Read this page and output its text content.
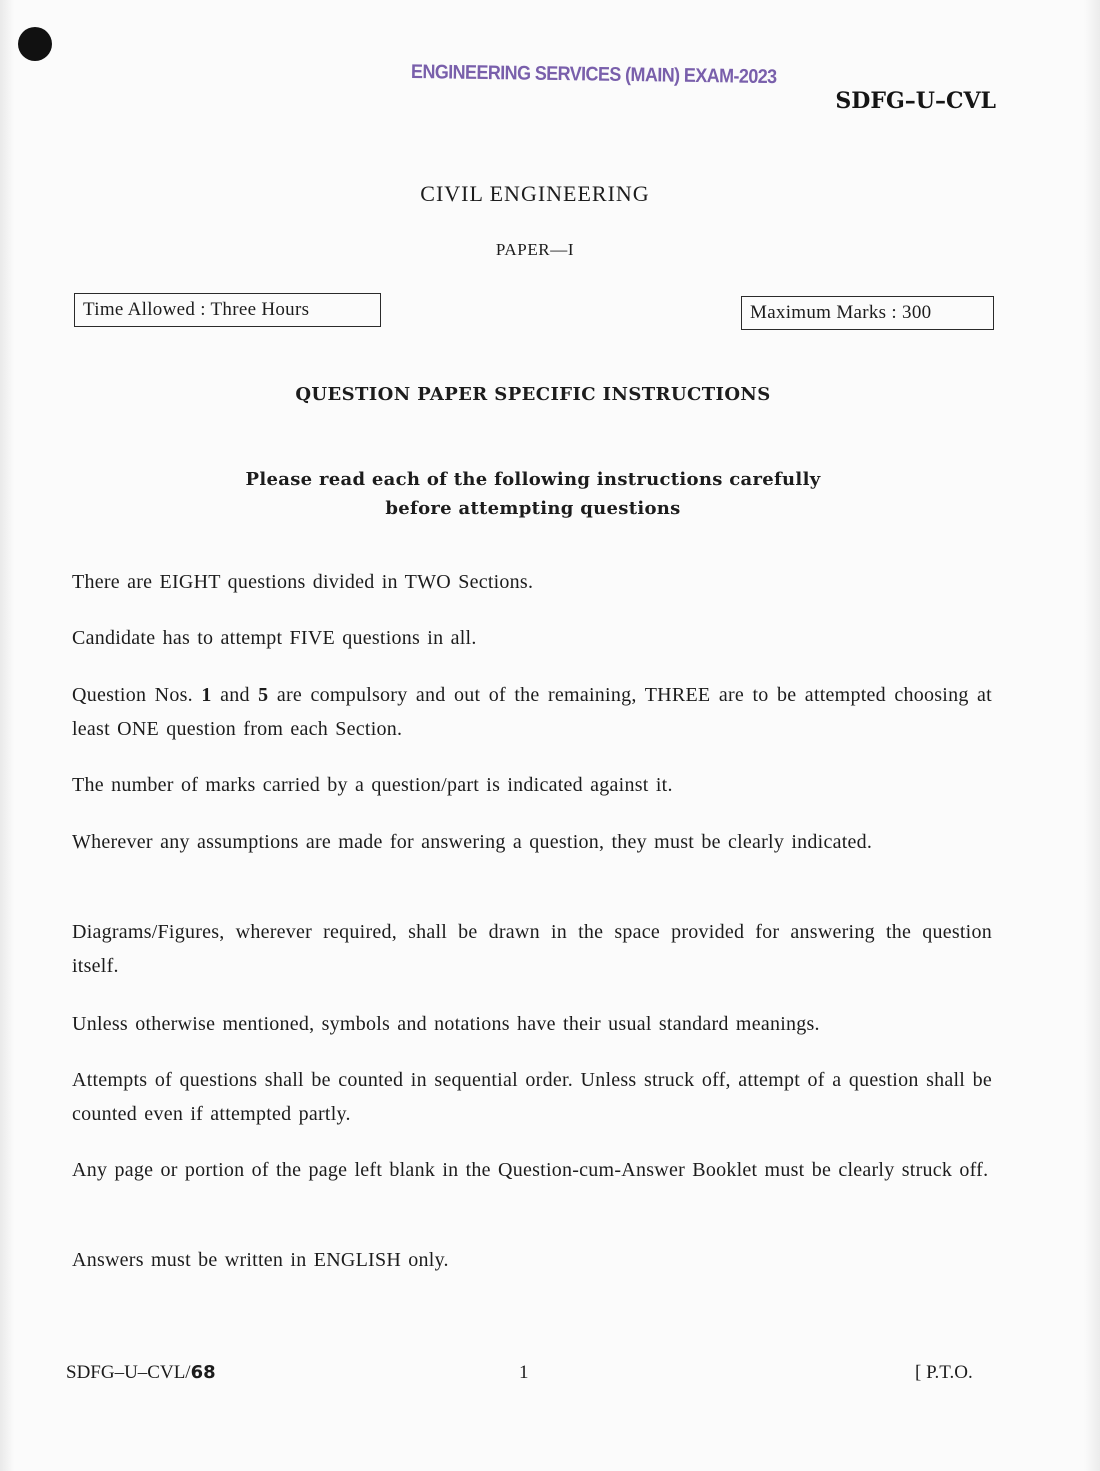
ENGINEERING SERVICES (MAIN) EXAM-2023
SDFG–U–CVL
CIVIL ENGINEERING
PAPER—I
Time Allowed : Three Hours	Maximum Marks : 300
QUESTION PAPER SPECIFIC INSTRUCTIONS
Please read each of the following instructions carefully
before attempting questions
There are EIGHT questions divided in TWO Sections.
Candidate has to attempt FIVE questions in all.
Question Nos. 1 and 5 are compulsory and out of the remaining, THREE are to be attempted choosing at least ONE question from each Section.
The number of marks carried by a question/part is indicated against it.
Wherever any assumptions are made for answering a question, they must be clearly indicated.
Diagrams/Figures, wherever required, shall be drawn in the space provided for answering the question itself.
Unless otherwise mentioned, symbols and notations have their usual standard meanings.
Attempts of questions shall be counted in sequential order. Unless struck off, attempt of a question shall be counted even if attempted partly.
Any page or portion of the page left blank in the Question-cum-Answer Booklet must be clearly struck off.
Answers must be written in ENGLISH only.
SDFG–U–CVL/68	1	[ P.T.O.
